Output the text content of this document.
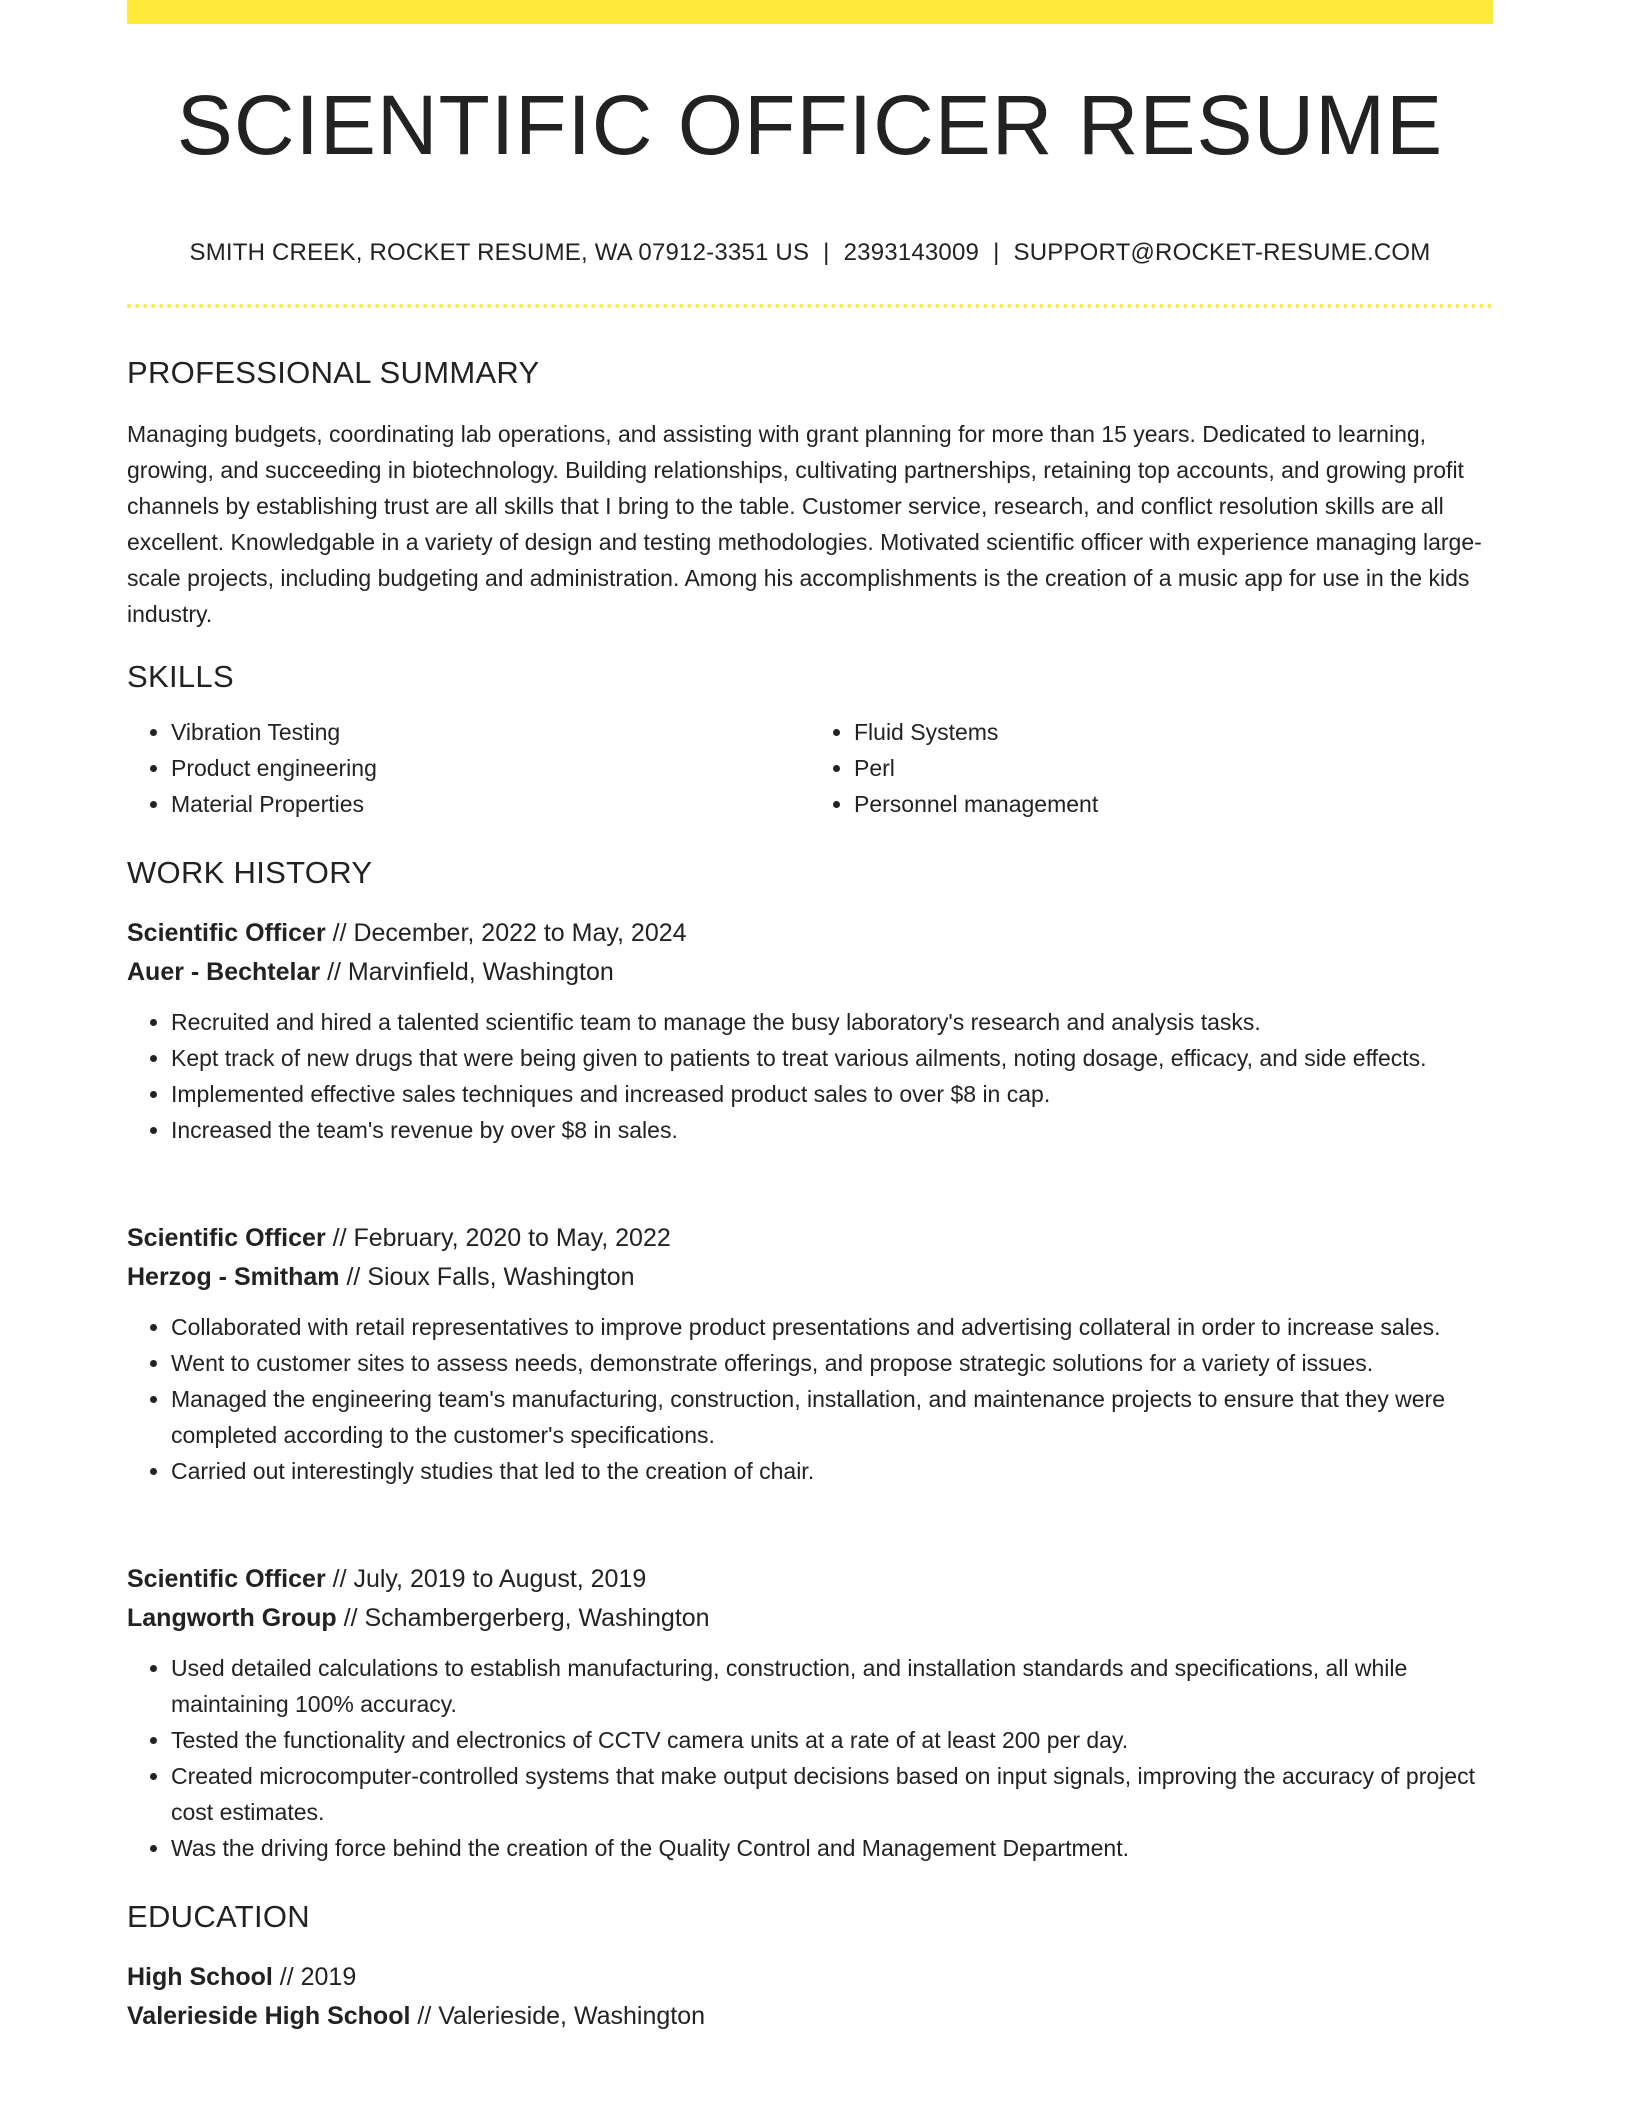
SCIENTIFIC OFFICER RESUME
SMITH CREEK, ROCKET RESUME, WA 07912-3351 US | 2393143009 | SUPPORT@ROCKET-RESUME.COM
PROFESSIONAL SUMMARY

Managing budgets, coordinating lab operations, and assisting with grant planning for more than 15 years. Dedicated to learning, growing, and succeeding in biotechnology. Building relationships, cultivating partnerships, retaining top accounts, and growing profit channels by establishing trust are all skills that I bring to the table. Customer service, research, and conflict resolution skills are all excellent. Knowledgable in a variety of design and testing methodologies. Motivated scientific officer with experience managing large-scale projects, including budgeting and administration. Among his accomplishments is the creation of a music app for use in the kids industry.

SKILLS
• Vibration Testing
• Product engineering
• Material Properties
• Fluid Systems
• Perl
• Personnel management
WORK HISTORY

Scientific Officer // December, 2022 to May, 2024

Auer - Bechtelar // Marvinfield, Washington

• Recruited and hired a talented scientific team to manage the busy laboratory's research and analysis tasks.
• Kept track of new drugs that were being given to patients to treat various ailments, noting dosage, efficacy, and side effects.
• Implemented effective sales techniques and increased product sales to over $8 in cap.
• Increased the team's revenue by over $8 in sales.

Scientific Officer // February, 2020 to May, 2022

Herzog - Smitham // Sioux Falls, Washington

• Collaborated with retail representatives to improve product presentations and advertising collateral in order to increase sales.
• Went to customer sites to assess needs, demonstrate offerings, and propose strategic solutions for a variety of issues.
• Managed the engineering team's manufacturing, construction, installation, and maintenance projects to ensure that they were completed according to the customer's specifications.
• Carried out interestingly studies that led to the creation of chair.

Scientific Officer // July, 2019 to August, 2019

Langworth Group // Schambergerberg, Washington

• Used detailed calculations to establish manufacturing, construction, and installation standards and specifications, all while maintaining 100% accuracy.
• Tested the functionality and electronics of CCTV camera units at a rate of at least 200 per day.
• Created microcomputer-controlled systems that make output decisions based on input signals, improving the accuracy of project cost estimates.
• Was the driving force behind the creation of the Quality Control and Management Department.
EDUCATION

High School // 2019

Valerieside High School // Valerieside, Washington
